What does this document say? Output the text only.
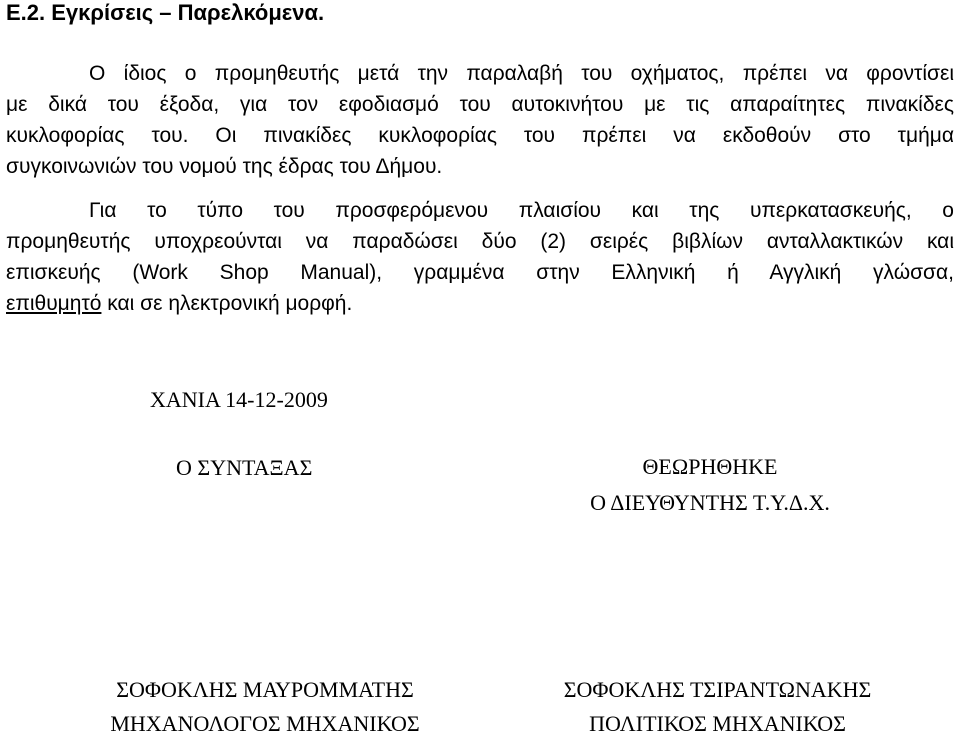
Ε.2. Εγκρίσεις – Παρελκόμενα.
Ο ίδιος ο προμηθευτής μετά την παραλαβή του οχήματος, πρέπει να φροντίσει
με δικά του έξοδα, για τον εφοδιασμό του αυτοκινήτου με τις απαραίτητες πινακίδες
κυκλοφορίας του. Οι πινακίδες κυκλοφορίας του πρέπει να εκδοθούν στο τμήμα
συγκοινωνιών του νομού της έδρας του Δήμου.
Για το τύπο του προσφερόμενου πλαισίου και της υπερκατασκευής, ο
προμηθευτής υποχρεούνται να παραδώσει δύο (2) σειρές βιβλίων ανταλλακτικών και
επισκευής (Work Shop Manual), γραμμένα στην Ελληνική ή Αγγλική γλώσσα,
επιθυμητό και σε ηλεκτρονική μορφή.
ΧΑΝΙΑ 14-12-2009
Ο ΣΥΝΤΑΞΑΣ	ΘΕΩΡΗΘΗΚΕ
Ο ΔΙΕΥΘΥΝΤΗΣ Τ.Υ.Δ.Χ.
ΣΟΦΟΚΛΗΣ ΜΑΥΡΟΜΜΑΤΗΣ
ΜΗΧΑΝΟΛΟΓΟΣ ΜΗΧΑΝΙΚΟΣ
ΣΟΦΟΚΛΗΣ ΤΣΙΡΑΝΤΩΝΑΚΗΣ
ΠΟΛΙΤΙΚΟΣ ΜΗΧΑΝΙΚΟΣ
